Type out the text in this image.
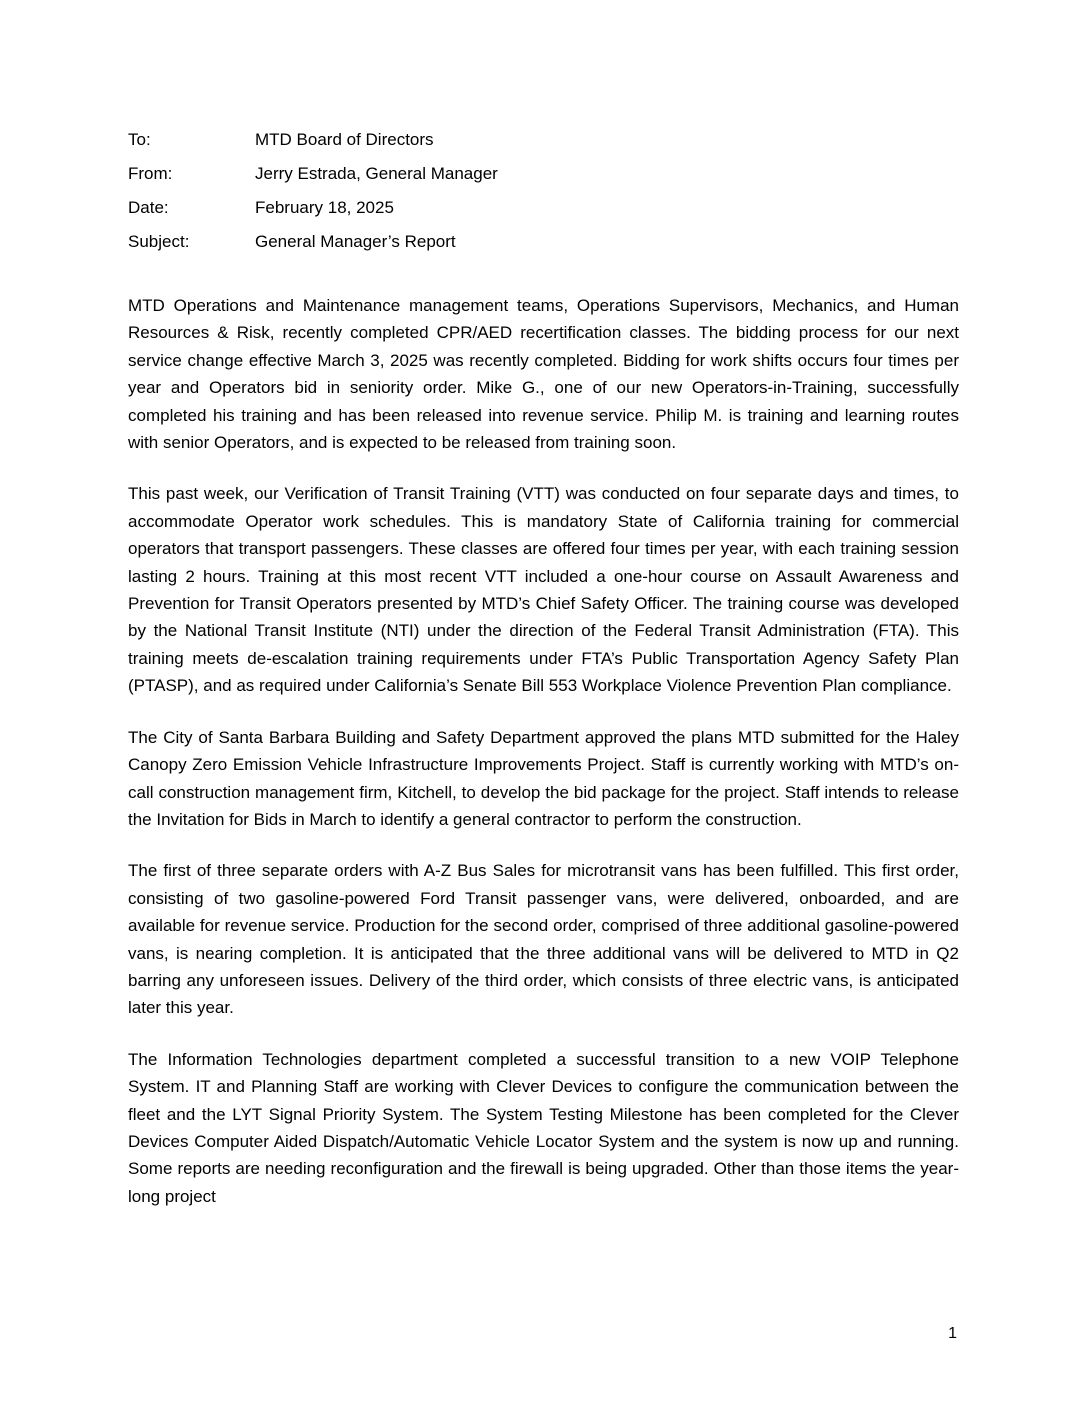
To:	MTD Board of Directors
From:	Jerry Estrada, General Manager
Date:	February 18, 2025
Subject:	General Manager’s Report

MTD Operations and Maintenance management teams, Operations Supervisors, Mechanics, and Human Resources & Risk, recently completed CPR/AED recertification classes. The bidding process for our next service change effective March 3, 2025 was recently completed. Bidding for work shifts occurs four times per year and Operators bid in seniority order. Mike G., one of our new Operators-in-Training, successfully completed his training and has been released into revenue service. Philip M. is training and learning routes with senior Operators, and is expected to be released from training soon.

This past week, our Verification of Transit Training (VTT) was conducted on four separate days and times, to accommodate Operator work schedules. This is mandatory State of California training for commercial operators that transport passengers. These classes are offered four times per year, with each training session lasting 2 hours. Training at this most recent VTT included a one-hour course on Assault Awareness and Prevention for Transit Operators presented by MTD’s Chief Safety Officer. The training course was developed by the National Transit Institute (NTI) under the direction of the Federal Transit Administration (FTA). This training meets de-escalation training requirements under FTA’s Public Transportation Agency Safety Plan (PTASP), and as required under California’s Senate Bill 553 Workplace Violence Prevention Plan compliance.

The City of Santa Barbara Building and Safety Department approved the plans MTD submitted for the Haley Canopy Zero Emission Vehicle Infrastructure Improvements Project. Staff is currently working with MTD’s on-call construction management firm, Kitchell, to develop the bid package for the project. Staff intends to release the Invitation for Bids in March to identify a general contractor to perform the construction.

The first of three separate orders with A-Z Bus Sales for microtransit vans has been fulfilled. This first order, consisting of two gasoline-powered Ford Transit passenger vans, were delivered, onboarded, and are available for revenue service. Production for the second order, comprised of three additional gasoline-powered vans, is nearing completion. It is anticipated that the three additional vans will be delivered to MTD in Q2 barring any unforeseen issues. Delivery of the third order, which consists of three electric vans, is anticipated later this year.

The Information Technologies department completed a successful transition to a new VOIP Telephone System. IT and Planning Staff are working with Clever Devices to configure the communication between the fleet and the LYT Signal Priority System. The System Testing Milestone has been completed for the Clever Devices Computer Aided Dispatch/Automatic Vehicle Locator System and the system is now up and running. Some reports are needing reconfiguration and the firewall is being upgraded. Other than those items the year-long project

1
